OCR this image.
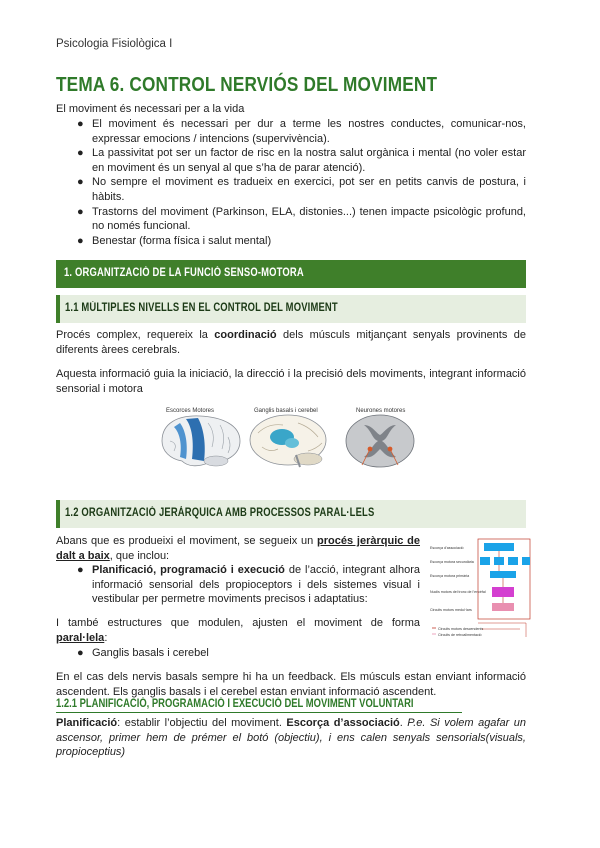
Psicologia Fisiològica I
TEMA 6. CONTROL NERVIÓS DEL MOVIMENT
El moviment és necessari per a la vida
● El moviment és necessari per dur a terme les nostres conductes, comunicar-nos, expressar emocions / intencions (supervivència).
● La passivitat pot ser un factor de risc en la nostra salut orgànica i mental (no voler estar en moviment és un senyal al que s’ha de parar atenció).
● No sempre el moviment es tradueix en exercici, pot ser en petits canvis de postura, i hàbits.
● Trastorns del moviment (Parkinson, ELA, distonies...) tenen impacte psicològic profund, no només funcional.
● Benestar (forma física i salut mental)
1. ORGANITZACIÓ DE LA FUNCIÓ SENSO-MOTORA
1.1 MÚLTIPLES NIVELLS EN EL CONTROL DEL MOVIMENT
Procés complex, requereix la coordinació dels músculs mitjançant senyals provinents de diferents àrees cerebrals.
Aquesta informació guia la iniciació, la direcció i la precisió dels moviments, integrant informació sensorial i motora
Escorces Motores	Ganglis basals i cerebel	Neurones motores
1.2 ORGANITZACIÓ JERÀRQUICA AMB PROCESSOS PARAL·LELS
Abans que es produeixi el moviment, se segueix un procés jeràrquic de dalt a baix, que inclou:
● Planificació, programació i execució de l’acció, integrant alhora informació sensorial dels propioceptors i dels sistemes visual i vestibular per permetre moviments precisos i adaptatius:
I també estructures que modulen, ajusten el moviment de forma paral·lela:
● Ganglis basals i cerebel
En el cas dels nervis basals sempre hi ha un feedback. Els músculs estan enviant informació ascendent. Els ganglis basals i el cerebel estan enviant informació ascendent.
Escorça d’associació
Escorça motora secundària
Escorça motora primària
Nuclis motors del tronc de l’encèfal
Circuits motors medul·lars
Circuits motors descendents
Circuits de retroalimentació
1.2.1 PLANIFICACIÓ, PROGRAMACIÓ I EXECUCIÓ DEL MOVIMENT VOLUNTARI
Planificació: establir l’objectiu del moviment. Escorça d’associació. P.e. Si volem agafar un ascensor, primer hem de prémer el botó (objectiu), i ens calen senyals sensorials(visuals, propioceptius)
